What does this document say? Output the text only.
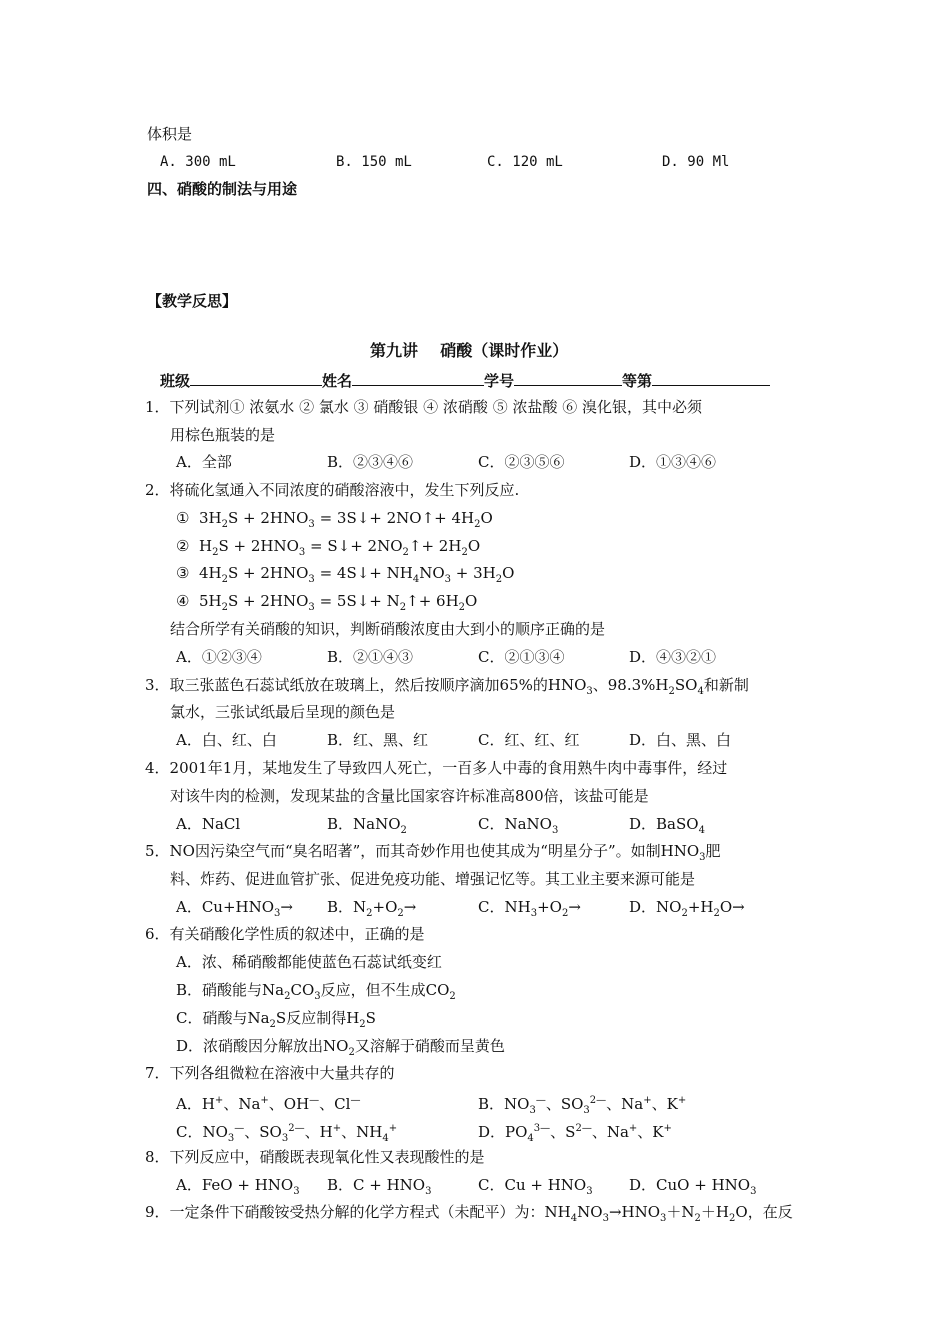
体积是
A. 300 mL	B. 150 mL	C. 120 mL	D. 90 Ml
四、硝酸的制法与用途
【教学反思】
第九讲 硝酸（课时作业）
班级	姓名	学号	等第
1．下列试剂① 浓氨水 ② 氯水 ③ 硝酸银 ④ 浓硝酸 ⑤ 浓盐酸 ⑥ 溴化银，其中必须
用棕色瓶装的是
A．全部	B．②③④⑥	C．②③⑤⑥	D．①③④⑥
2．将硫化氢通入不同浓度的硝酸溶液中，发生下列反应.
①  $3H_2S + 2HNO_3$ = 3S↓+ 2NO↑+ $4H_2O$
②  $H_2S + 2HNO_3$ = S↓+ $2NO_2↑+ 2H_2O$
③  $4H_2S + 2HNO_3$ = 4S↓+ $NH_4NO_3 + 3H_2O$
④  $5H_2S + 2HNO_3$ = 5S↓+ $N_2↑+ 6H_2O$
结合所学有关硝酸的知识，判断硝酸浓度由大到小的顺序正确的是
A．①②③④	B．②①④③	C．②①③④	D．④③②①
3．取三张蓝色石蕊试纸放在玻璃上，然后按顺序滴加65%的$HNO_3$、$98.3\%H_2SO_4$和新制
氯水，三张试纸最后呈现的颜色是
A．白、红、白	B．红、黑、红	C．红、红、红	D．白、黑、白
4．2001年1月，某地发生了导致四人死亡，一百多人中毒的食用熟牛肉中毒事件，经过
对该牛肉的检测，发现某盐的含量比国家容许标准高800倍，该盐可能是
A．NaCl	B．NaNO$_2$	C．NaNO$_3$	D．BaSO$_4$
5．NO因污染空气而“臭名昭著”，而其奇妙作用也使其成为“明星分子”。如制$HNO_3$肥
料、炸药、促进血管扩张、促进免疫功能、增强记忆等。其工业主要来源可能是
A．$Cu+HNO_3\to B$．$N_2+O_2\to$	C．$NH_3+O_2\to$	D．$NO_2+H_2O\to$
6．有关硝酸化学性质的叙述中，正确的是
A．浓、稀硝酸都能使蓝色石蕊试纸变红
B．硝酸能与$Na_2CO_3$反应，但不生成$CO_2$
C．硝酸与$Na_2S$反应制得$H_2S$
D．浓硝酸因分解放出$NO_2$又溶解于硝酸而呈黄色
7．下列各组微粒在溶液中大量共存的
A．H+、Na+、OH—、Cl—	B．$NO_3^—$、$SO_3^{2—}$、Na+、K+
C．$NO_3^—$、$SO_3^{2—}$、H+、$NH_4^+$	D．$PO_4^{3—}$、$S^{2—}$、Na+、K+
8．下列反应中，硝酸既表现氧化性又表现酸性的是
A．FeO + $HNO_3$ B．$C + HNO_3$	C．$Cu + HNO_3$ D．CuO + $HNO_3$
9．一定条件下硝酸铵受热分解的化学方程式（未配平）为：$NH_4NO_3\to HNO_3+N_2+H_2O$，在反
